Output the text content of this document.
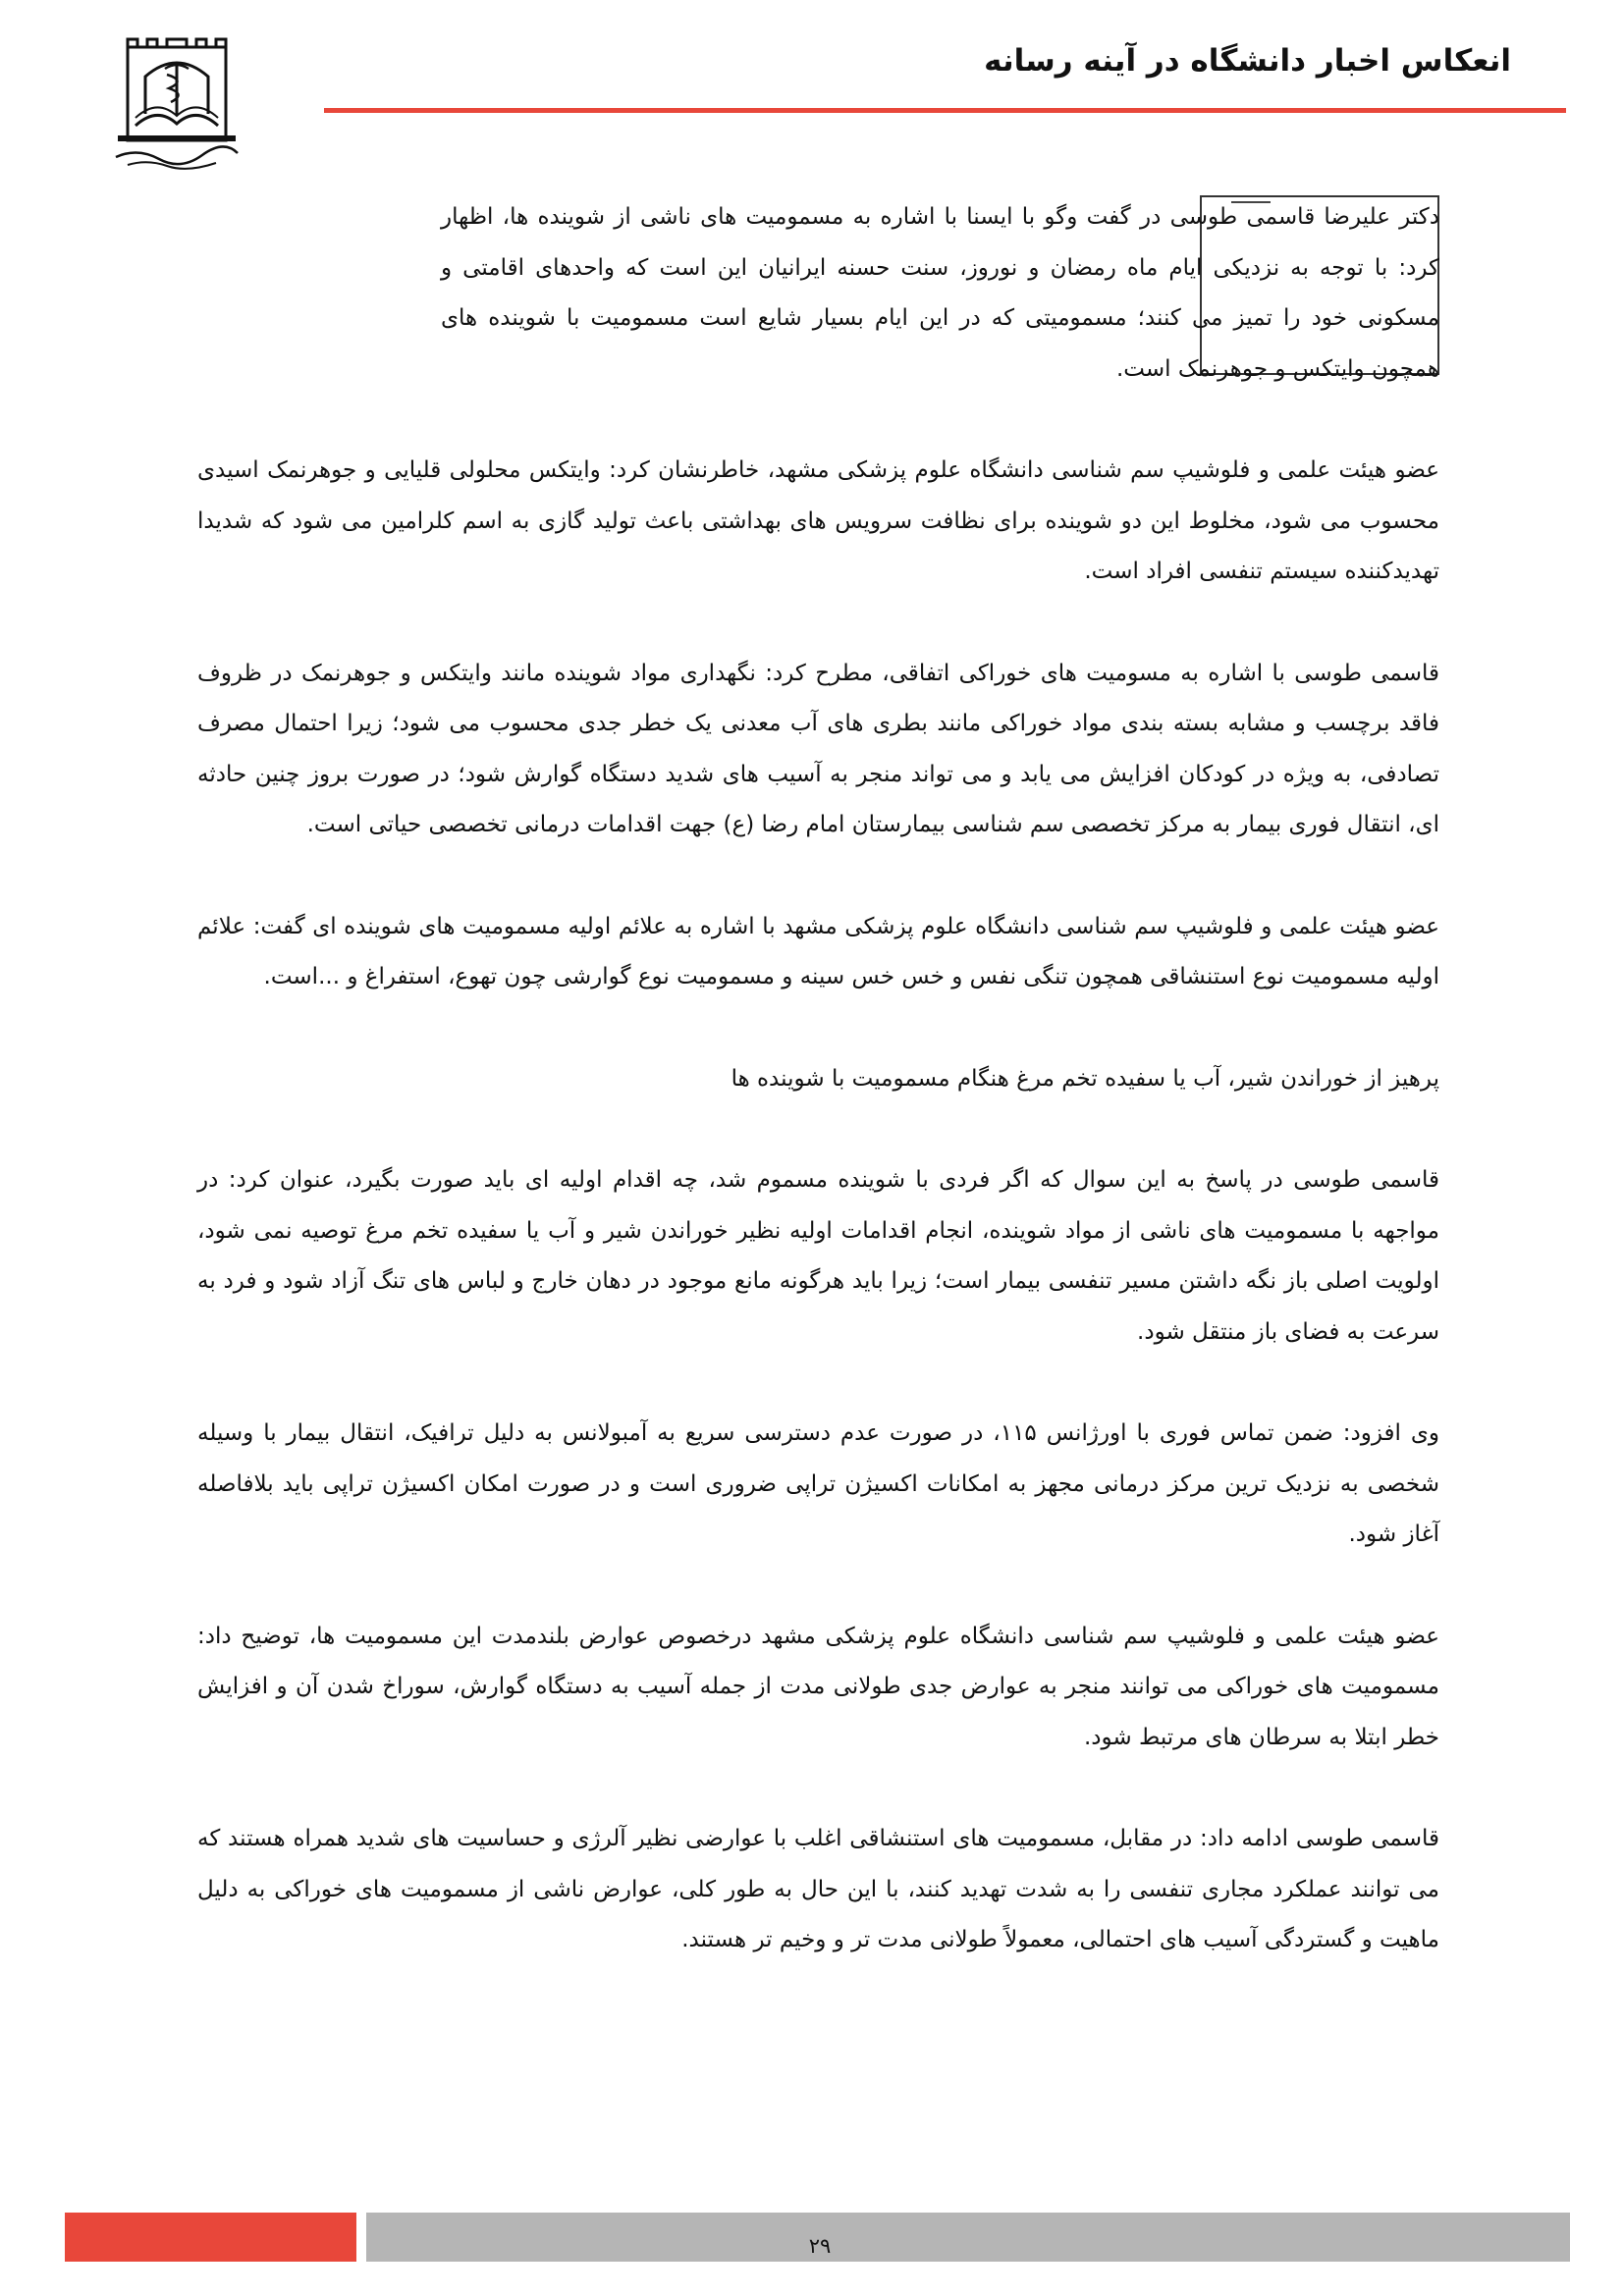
انعکاس اخبار دانشگاه در آینه رسانه

دکتر علیرضا قاسمی طوسی در گفت وگو با ایسنا با اشاره به مسمومیت های ناشی از شوینده ها، اظهار کرد: با توجه به نزدیکی ایام ماه رمضان و نوروز، سنت حسنه ایرانیان این است که واحدهای اقامتی و مسکونی خود را تمیز می کنند؛ مسمومیتی که در این ایام بسیار شایع است مسمومیت با شوینده های همچون وایتکس و جوهرنمک است.

عضو هیئت علمی و فلوشیپ سم شناسی دانشگاه علوم پزشکی مشهد، خاطرنشان کرد: وایتکس محلولی قلیایی و جوهرنمک اسیدی محسوب می شود، مخلوط این دو شوینده برای نظافت سرویس های بهداشتی باعث تولید گازی به اسم کلرامین می شود که شدیدا تهدیدکننده سیستم تنفسی افراد است.

قاسمی طوسی با اشاره به مسومیت های خوراکی اتفاقی، مطرح کرد: نگهداری مواد شوینده مانند وایتکس و جوهرنمک در ظروف فاقد برچسب و مشابه بسته بندی مواد خوراکی مانند بطری های آب معدنی یک خطر جدی محسوب می شود؛ زیرا احتمال مصرف تصادفی، به ویژه در کودکان افزایش می یابد و می تواند منجر به آسیب های شدید دستگاه گوارش شود؛ در صورت بروز چنین حادثه ای، انتقال فوری بیمار به مرکز تخصصی سم شناسی بیمارستان امام رضا (ع) جهت اقدامات درمانی تخصصی حیاتی است.

عضو هیئت علمی و فلوشیپ سم شناسی دانشگاه علوم پزشکی مشهد با اشاره به علائم اولیه مسمومیت های شوینده ای گفت: علائم اولیه مسمومیت نوع استنشاقی همچون تنگی نفس و خس خس سینه و مسمومیت نوع گوارشی چون تهوع، استفراغ و ...است.

پرهیز از خوراندن شیر، آب یا سفیده تخم مرغ هنگام مسمومیت با شوینده ها

قاسمی طوسی در پاسخ به این سوال که اگر فردی با شوینده مسموم شد، چه اقدام اولیه ای باید صورت بگیرد، عنوان کرد: در مواجهه با مسمومیت های ناشی از مواد شوینده، انجام اقدامات اولیه نظیر خوراندن شیر و آب یا سفیده تخم مرغ توصیه نمی شود، اولویت اصلی باز نگه داشتن مسیر تنفسی بیمار است؛ زیرا باید هرگونه مانع موجود در دهان خارج و لباس های تنگ آزاد شود و فرد به سرعت به فضای باز منتقل شود.

وی افزود: ضمن تماس فوری با اورژانس ۱۱۵، در صورت عدم دسترسی سریع به آمبولانس به دلیل ترافیک، انتقال بیمار با وسیله شخصی به نزدیک ترین مرکز درمانی مجهز به امکانات اکسیژن تراپی ضروری است و در صورت امکان اکسیژن تراپی باید بلافاصله آغاز شود.

عضو هیئت علمی و فلوشیپ سم شناسی دانشگاه علوم پزشکی مشهد درخصوص عوارض بلندمدت این مسمومیت ها، توضیح داد: مسمومیت های خوراکی می توانند منجر به عوارض جدی طولانی مدت از جمله آسیب به دستگاه گوارش، سوراخ شدن آن و افزایش خطر ابتلا به سرطان های مرتبط شود.

قاسمی طوسی ادامه داد: در مقابل، مسمومیت های استنشاقی اغلب با عوارضی نظیر آلرژی و حساسیت های شدید همراه هستند که می توانند عملکرد مجاری تنفسی را به شدت تهدید کنند، با این حال به طور کلی، عوارض ناشی از مسمومیت های خوراکی به دلیل ماهیت و گستردگی آسیب های احتمالی، معمولاً طولانی مدت تر و وخیم تر هستند.

۲۹
